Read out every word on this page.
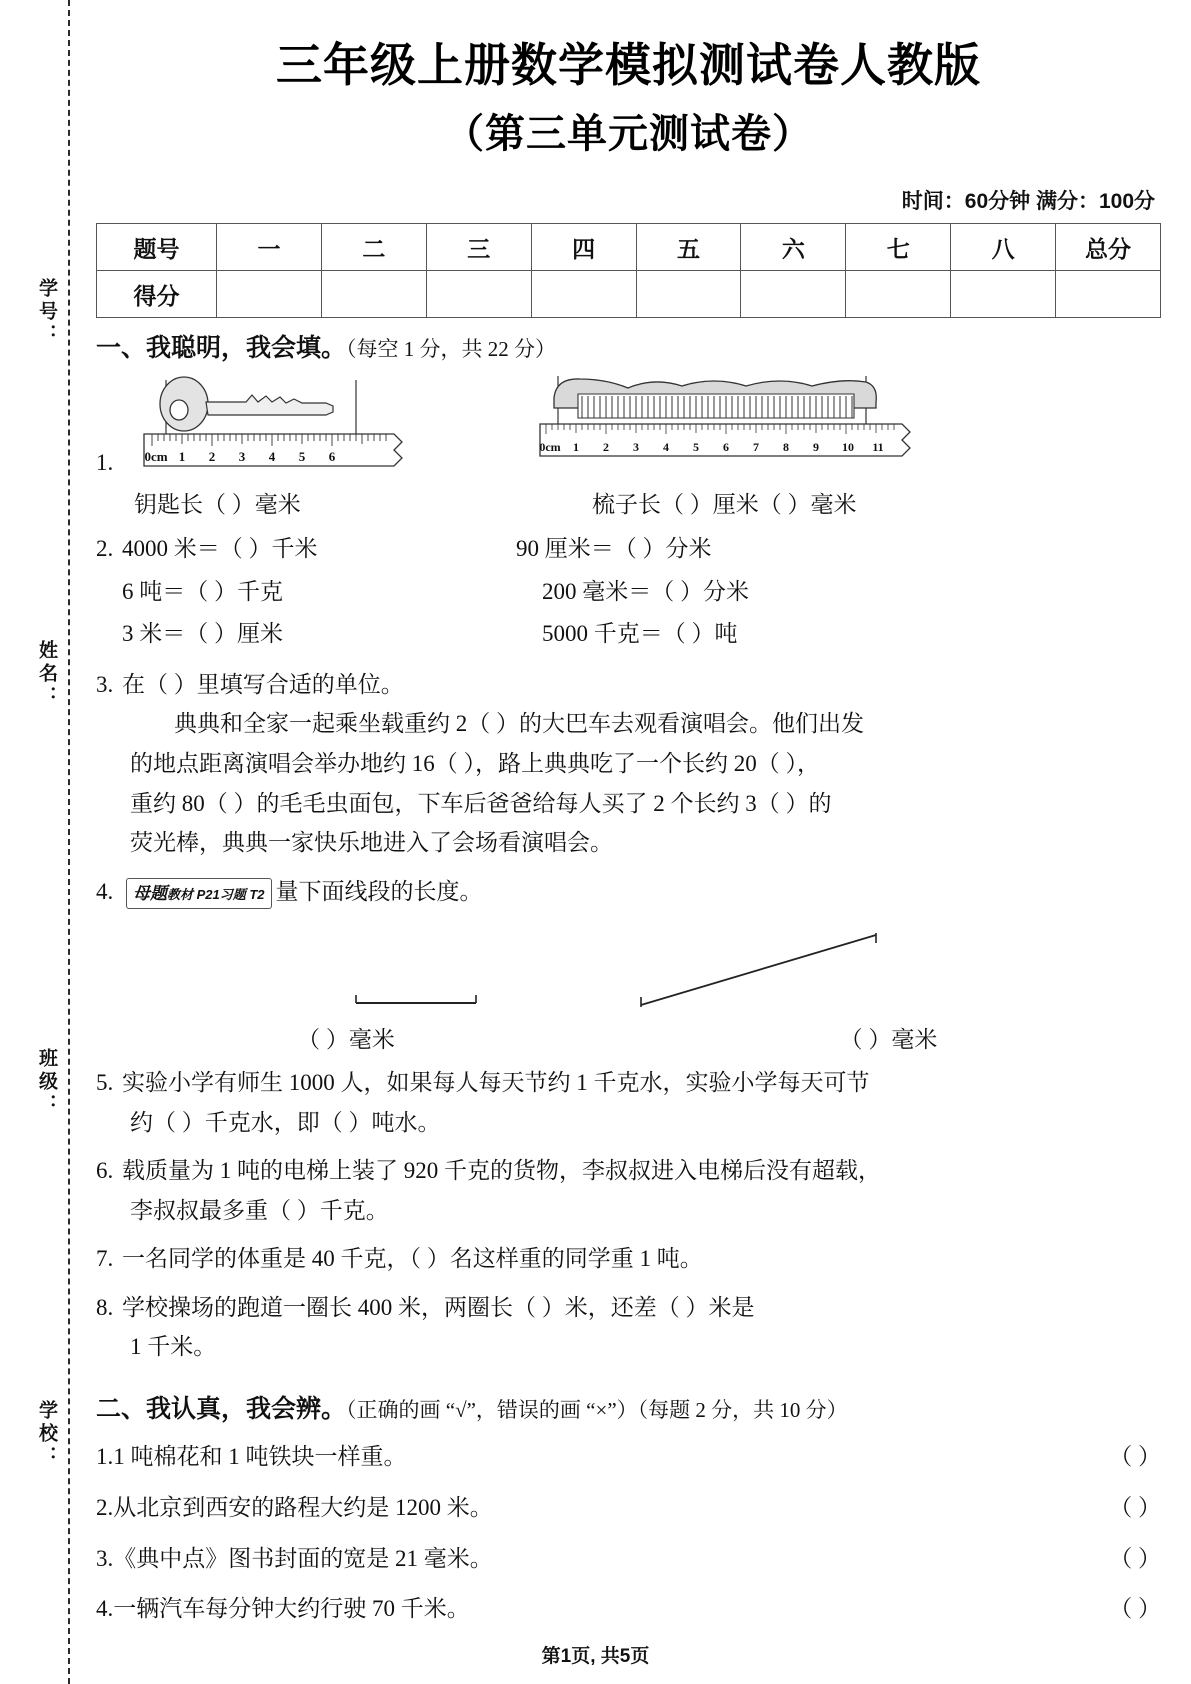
学号：
姓名：
班级：
学校：
三年级上册数学模拟测试卷人教版
（第三单元测试卷）
时间：60分钟 满分：100分
题号	一	二	三	四	五	六	七	八	总分
得分									
一、我聪明，我会填。（每空 1 分，共 22 分）
1.	0cm 1 2 3 4 5 6
0cm 1 2 3 4 5 6 7 8 9 10 11
钥匙长（ ）毫米	梳子长（ ）厘米（ ）毫米
2. 4000 米＝（ ）千米	90 厘米＝（ ）分米
6 吨＝（ ）千克	200 毫米＝（ ）分米
3 米＝（ ）厘米	5000 千克＝（ ）吨
3. 在（ ）里填写合适的单位。
典典和全家一起乘坐载重约 2（ ）的大巴车去观看演唱会。他们出发
的地点距离演唱会举办地约 16（ ），路上典典吃了一个长约 20（ ），
重约 80（ ）的毛毛虫面包，下车后爸爸给每人买了 2 个长约 3（ ）的
荧光棒，典典一家快乐地进入了会场看演唱会。
4. 母题教材 P21习题 T2 量下面线段的长度。
（ ）毫米	（ ）毫米
5. 实验小学有师生 1000 人，如果每人每天节约 1 千克水，实验小学每天可节
约（ ）千克水，即（ ）吨水。
6. 载质量为 1 吨的电梯上装了 920 千克的货物，李叔叔进入电梯后没有超载，
李叔叔最多重（ ）千克。
7. 一名同学的体重是 40 千克，（ ）名这样重的同学重 1 吨。
8. 学校操场的跑道一圈长 400 米，两圈长（ ）米，还差（ ）米是
1 千米。
二、我认真，我会辨。（正确的画 “√”，错误的画 “×”）（每题 2 分，共 10 分）
1.1 吨棉花和 1 吨铁块一样重。	（ ）
2.从北京到西安的路程大约是 1200 米。	（ ）
3.《典中点》图书封面的宽是 21 毫米。	（ ）
4.一辆汽车每分钟大约行驶 70 千米。	（ ）
第1页, 共5页
